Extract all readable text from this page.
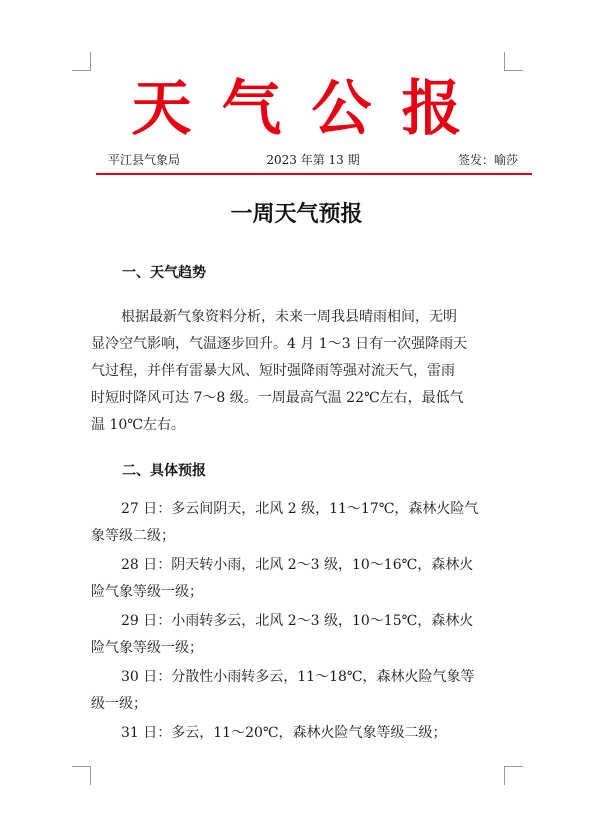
天气公报
平江县气象局	2023 年第 13 期	签发：喻莎
一周天气预报
一、天气趋势
根据最新气象资料分析，未来一周我县晴雨相间，无明
显冷空气影响，气温逐步回升。4 月 1～3 日有一次强降雨天
气过程，并伴有雷暴大风、短时强降雨等强对流天气，雷雨
时短时降风可达 7～8 级。一周最高气温 22℃左右，最低气
温 10℃左右。
二、具体预报
27 日：多云间阴天，北风 2 级，11～17℃，森林火险气
象等级二级；
28 日：阴天转小雨，北风 2～3 级，10～16℃，森林火
险气象等级一级；
29 日：小雨转多云，北风 2～3 级，10～15℃，森林火
险气象等级一级；
30 日：分散性小雨转多云，11～18℃，森林火险气象等
级一级；
31 日：多云，11～20℃，森林火险气象等级二级；
